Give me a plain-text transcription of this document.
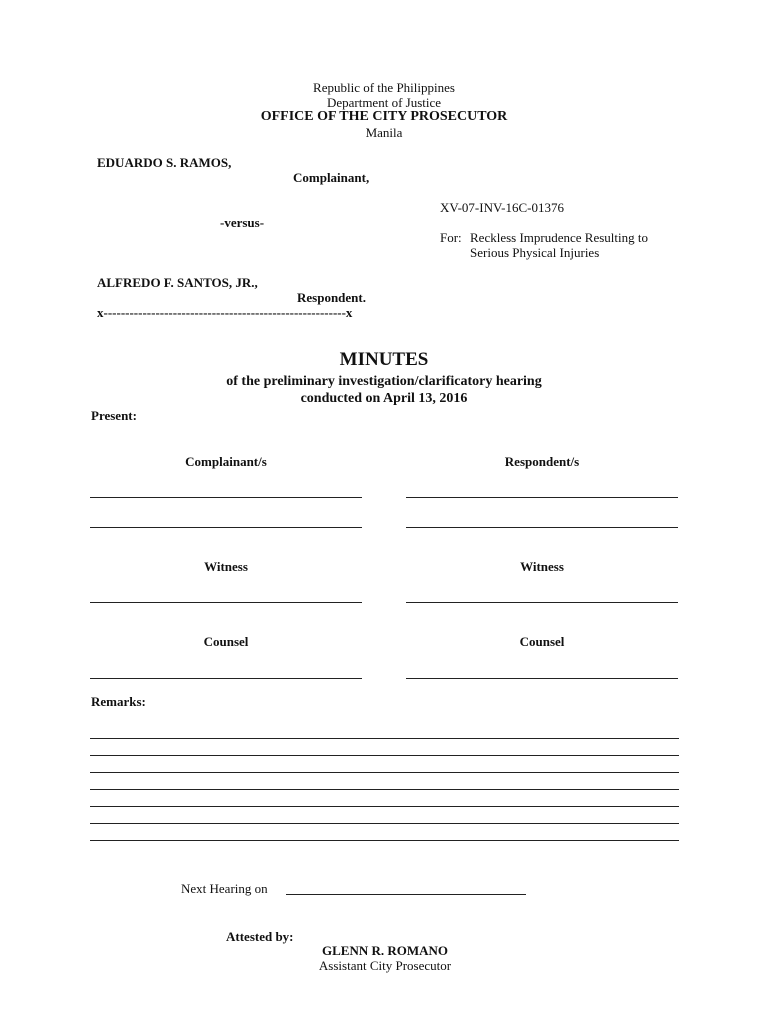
Republic of the Philippines
Department of Justice
OFFICE OF THE CITY PROSECUTOR
Manila
EDUARDO S. RAMOS,
Complainant,
-versus-
ALFREDO F. SANTOS, JR.,
Respondent.
x--------------------------------------------------------x
XV-07-INV-16C-01376
For: Reckless Imprudence Resulting to
Serious Physical Injuries
MINUTES
of the preliminary investigation/clarificatory hearing
conducted on April 13, 2016
Present:
Complainant/s	Respondent/s
Witness	Witness
Counsel	Counsel
Remarks:
Next Hearing on
Attested by:
GLENN R. ROMANO
Assistant City Prosecutor
